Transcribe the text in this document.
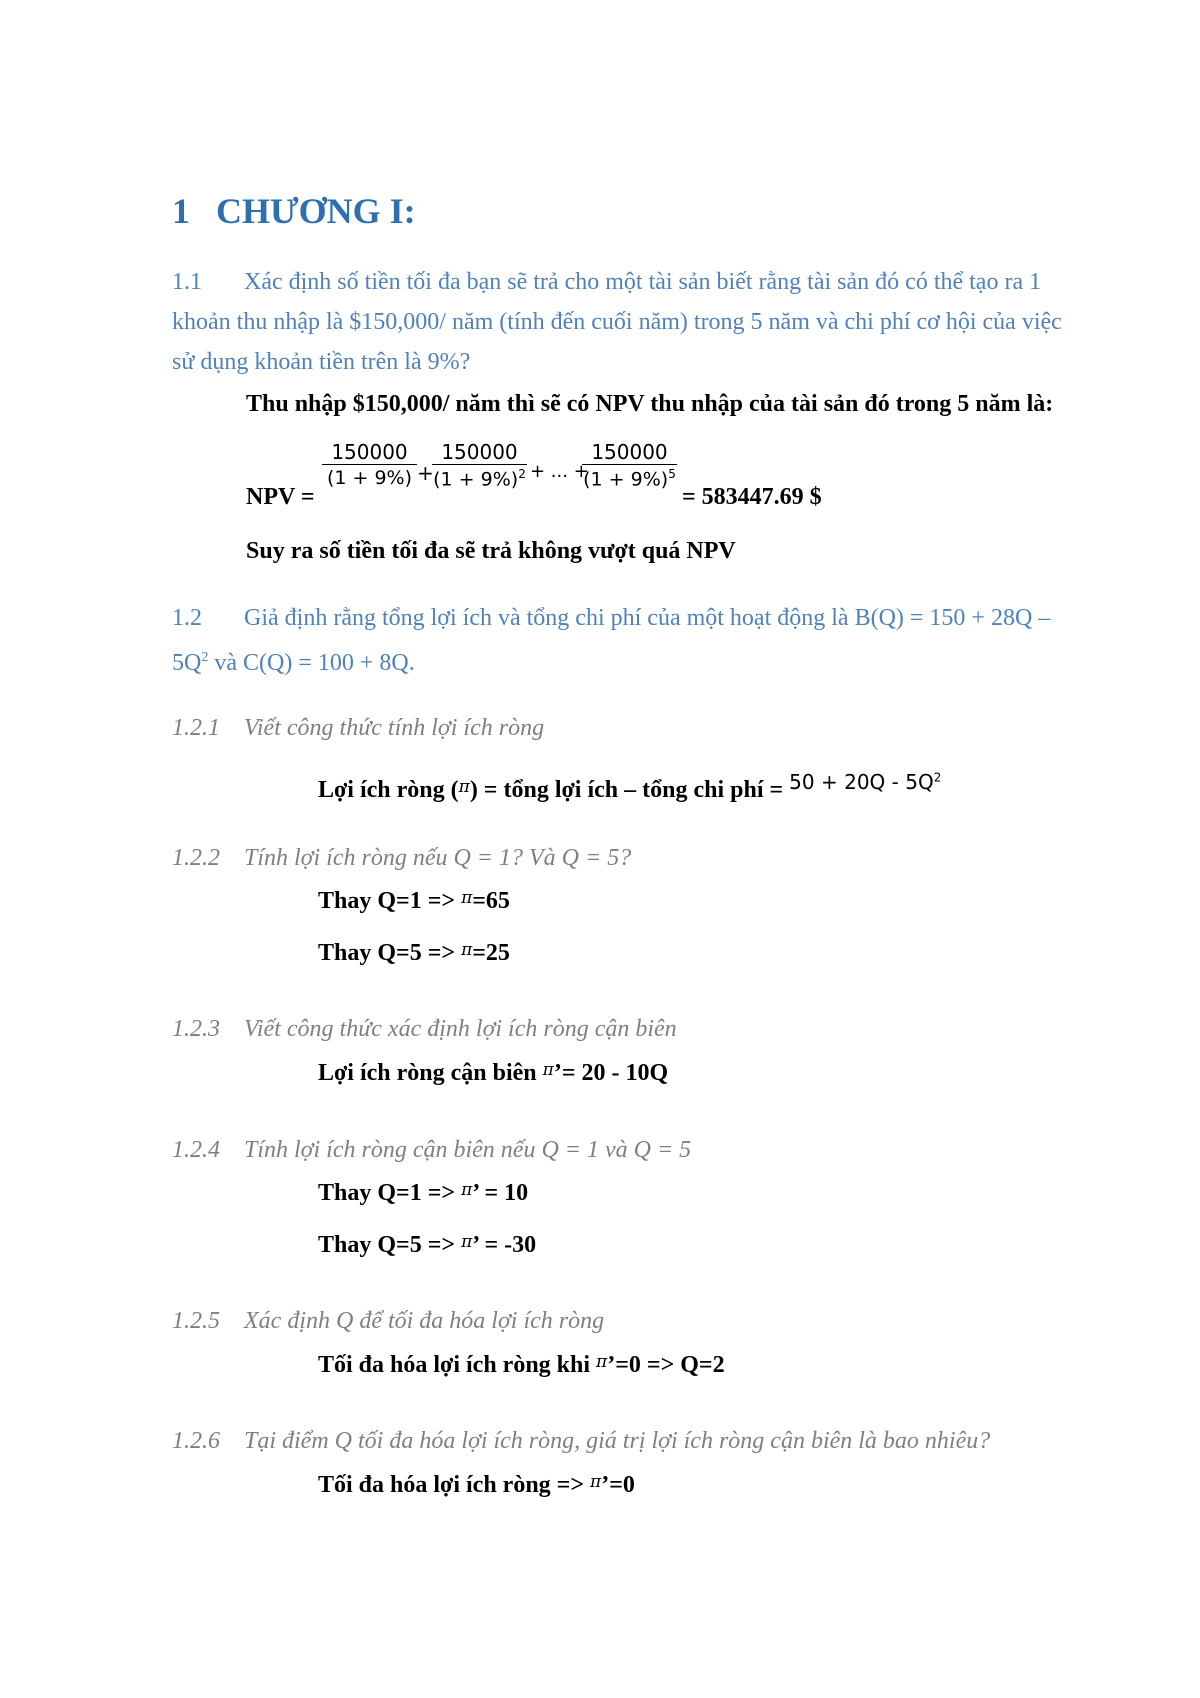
1 CHƯƠNG I:
1.1 Xác định số tiền tối đa bạn sẽ trả cho một tài sản biết rằng tài sản đó có thể tạo ra 1 khoản thu nhập là $150,000/ năm (tính đến cuối năm) trong 5 năm và chi phí cơ hội của việc sử dụng khoản tiền trên là 9%?
Thu nhập $150,000/ năm thì sẽ có NPV thu nhập của tài sản đó trong 5 năm là:
NPV =
$\frac{150000}{(1 + 9\%)}$ +
$\frac{150000}{(1 + 9\%)^2}$ + ... +
$\frac{150000}{(1 + 9\%)^5}$
= 583447.69 $
Suy ra số tiền tối đa sẽ trả không vượt quá NPV
1.2 Giả định rằng tổng lợi ích và tổng chi phí của một hoạt động là $B(Q) = 150 + 28Q - 5Q^2$ và C(Q) = 100 + 8Q.
1.2.1 Viết công thức tính lợi ích ròng
Lợi ích ròng ($^\pi$) = tổng lợi ích – tổng chi phí = $^{50 + 20Q - 5Q^2}$
1.2.2 Tính lợi ích ròng nếu Q = 1? Và Q = 5?
Thay Q=1 => $^\pi$=65
Thay Q=5 => $^\pi$=25
1.2.3 Viết công thức xác định lợi ích ròng cận biên
Lợi ích ròng cận biên $^\pi$’= 20 - 10Q
1.2.4 Tính lợi ích ròng cận biên nếu Q = 1 và Q = 5
Thay Q=1 => $^\pi$’ = 10
Thay Q=5 => $^\pi$’ = -30
1.2.5 Xác định Q để tối đa hóa lợi ích ròng
Tối đa hóa lợi ích ròng khi $^\pi$’=0 => Q=2
1.2.6 Tại điểm Q tối đa hóa lợi ích ròng, giá trị lợi ích ròng cận biên là bao nhiêu?
Tối đa hóa lợi ích ròng => $^\pi$’=0
